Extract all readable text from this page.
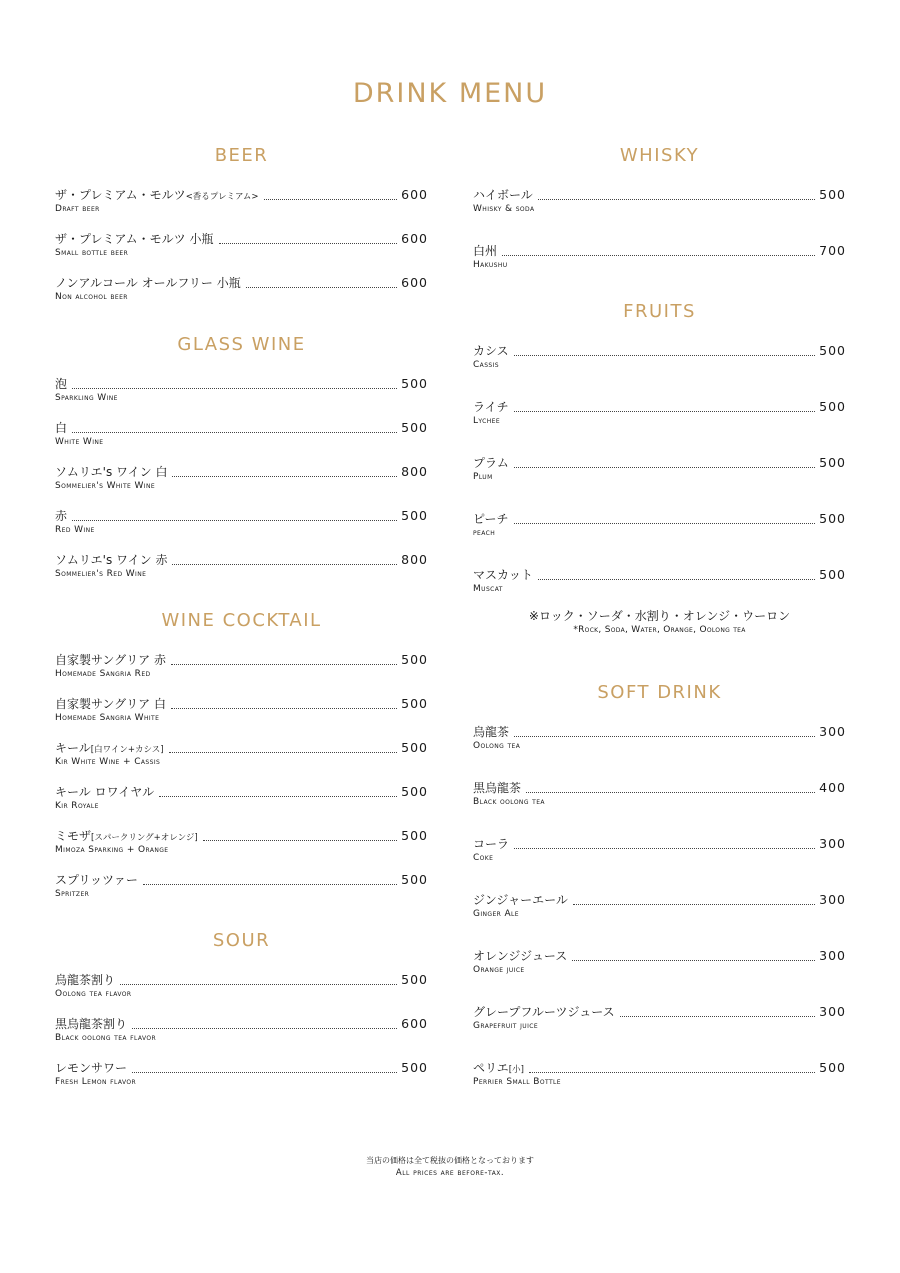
DRINK MENU
BEER
ザ・プレミアム・モルツ<香るプレミアム>	600
Draft beer
ザ・プレミアム・モルツ 小瓶	600
Small bottle beer
ノンアルコール オールフリー 小瓶	600
Non alcohol beer
GLASS WINE
泡	500
Sparkling Wine
白	500
White Wine
ソムリエ's ワイン 白	800
Sommelier's White Wine
赤	500
Red Wine
ソムリエ's ワイン 赤	800
Sommelier's Red Wine
WINE COCKTAIL
自家製サングリア 赤	500
Homemade Sangria Red
自家製サングリア 白	500
Homemade Sangria White
キール[白ワイン+カシス]	500
Kir White Wine + Cassis
キール ロワイヤル	500
Kir Royale
ミモザ[スパークリング+オレンジ]	500
Mimoza Sparking + Orange
スプリッツァー	500
Spritzer
SOUR
烏龍茶割り	500
Oolong tea flavor
黒烏龍茶割り	600
Black oolong tea flavor
レモンサワー	500
Fresh Lemon flavor
WHISKY
ハイボール	500
Whisky & soda
白州	700
Hakushu
FRUITS
カシス	500
Cassis
ライチ	500
Lychee
プラム	500
Plum
ピーチ	500
peach
マスカット	500
Muscat
※ロック・ソーダ・水割り・オレンジ・ウーロン
*Rock, Soda, Water, Orange, Oolong tea
SOFT DRINK
烏龍茶	300
Oolong tea
黒烏龍茶	400
Black oolong tea
コーラ	300
Coke
ジンジャーエール	300
Ginger Ale
オレンジジュース	300
Orange juice
グレープフルーツジュース	300
Grapefruit juice
ペリエ[小]	500
Perrier Small Bottle
当店の価格は全て税抜の価格となっております
All prices are before-tax.
